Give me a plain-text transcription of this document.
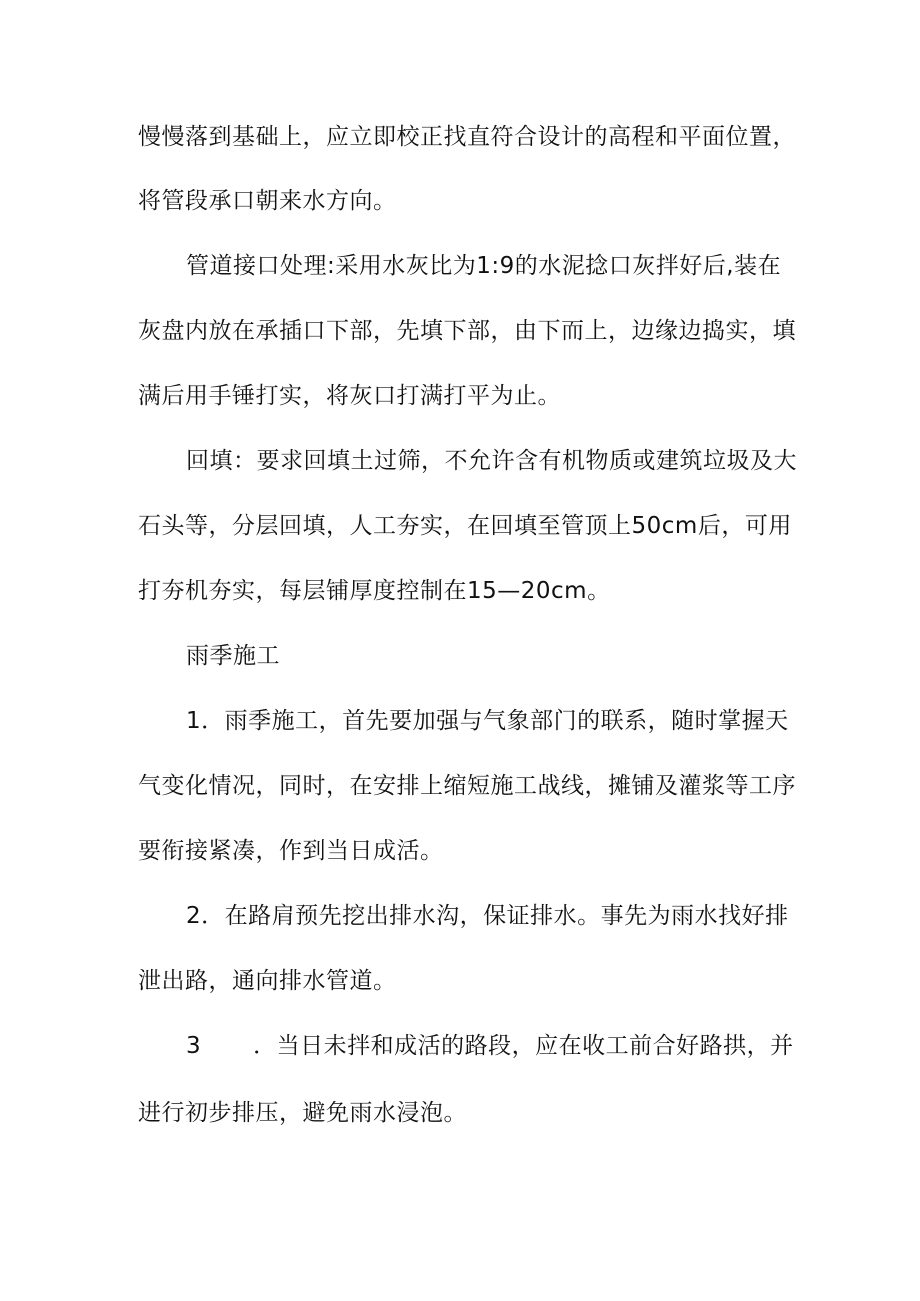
慢慢落到基础上，应立即校正找直符合设计的高程和平面位置，

将管段承口朝来水方向。

管道接口处理:采用水灰比为1:9的水泥捻口灰拌好后,装在

灰盘内放在承插口下部，先填下部，由下而上，边缘边捣实，填

满后用手锤打实，将灰口打满打平为止。

回填：要求回填土过筛，不允许含有机物质或建筑垃圾及大

石头等，分层回填，人工夯实，在回填至管顶上50cm后，可用

打夯机夯实，每层铺厚度控制在15—20cm。

雨季施工

1．雨季施工，首先要加强与气象部门的联系，随时掌握天

气变化情况，同时，在安排上缩短施工战线，摊铺及灌浆等工序

要衔接紧凑，作到当日成活。

2．在路肩预先挖出排水沟，保证排水。事先为雨水找好排

泄出路，通向排水管道。

3 ．当日未拌和成活的路段，应在收工前合好路拱，并

进行初步排压，避免雨水浸泡。
